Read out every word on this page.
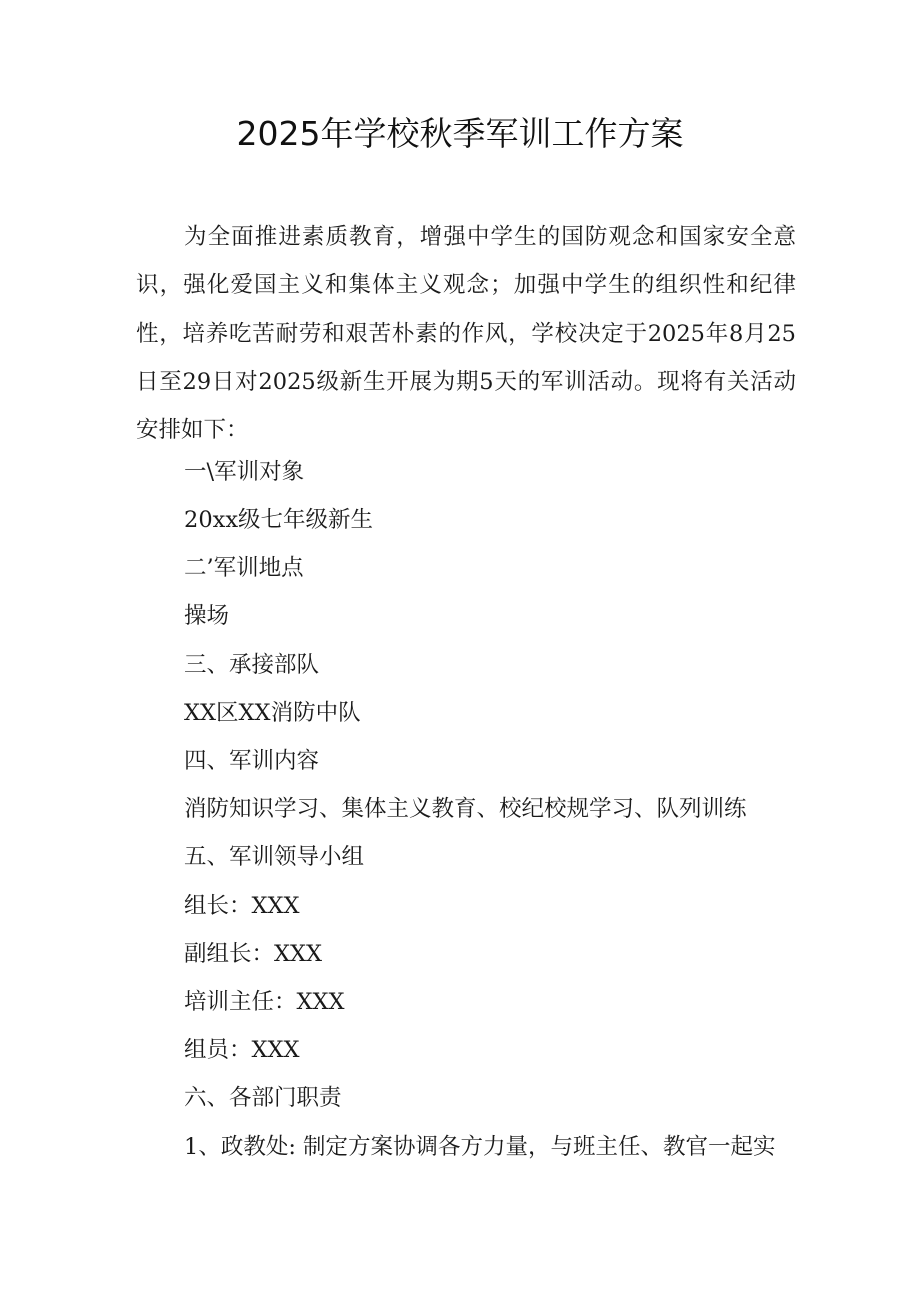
2025年学校秋季军训工作方案
为全面推进素质教育，增强中学生的国防观念和国家安全意识，强化爱国主义和集体主义观念；加强中学生的组织性和纪律性，培养吃苦耐劳和艰苦朴素的作风，学校决定于2025年8月25日至29日对2025级新生开展为期5天的军训活动。现将有关活动安排如下：
一\军训对象
20xx级七年级新生
二’军训地点
操场
三、承接部队
XX区XX消防中队
四、军训内容
消防知识学习、集体主义教育、校纪校规学习、队列训练
五、军训领导小组
组长：XXX
副组长：XXX
培训主任：XXX
组员：XXX
六、各部门职责
1、政教处: 制定方案协调各方力量，与班主任、教官一起实
